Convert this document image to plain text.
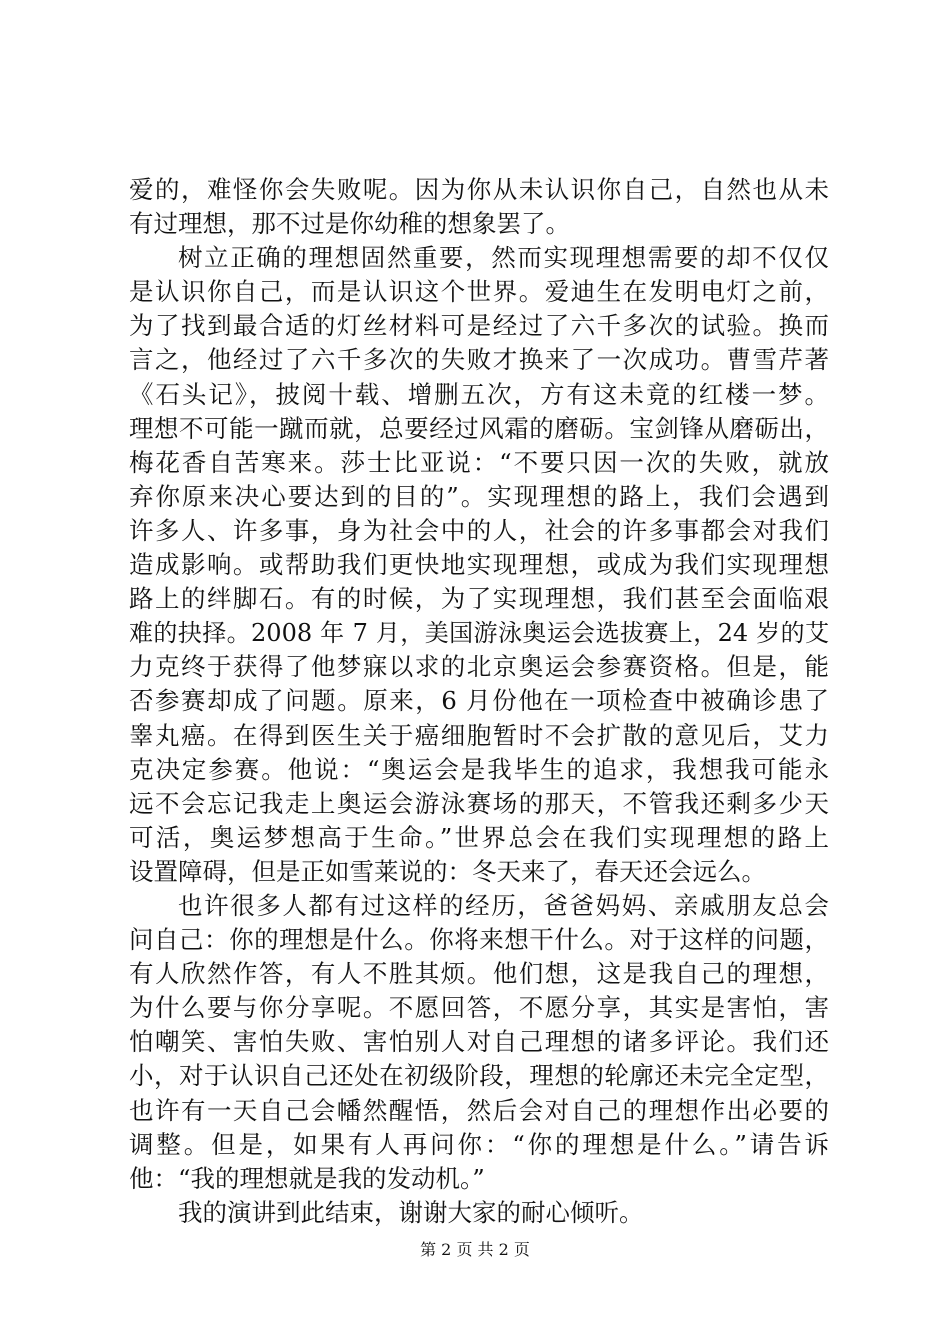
爱的，难怪你会失败呢。因为你从未认识你自己，自然也从未
有过理想，那不过是你幼稚的想象罢了。
树立正确的理想固然重要，然而实现理想需要的却不仅仅
是认识你自己，而是认识这个世界。爱迪生在发明电灯之前，
为了找到最合适的灯丝材料可是经过了六千多次的试验。换而
言之，他经过了六千多次的失败才换来了一次成功。曹雪芹著
《石头记》，披阅十载、增删五次，方有这未竟的红楼一梦。
理想不可能一蹴而就，总要经过风霜的磨砺。宝剑锋从磨砺出，
梅花香自苦寒来。莎士比亚说：“不要只因一次的失败，就放
弃你原来决心要达到的目的”。实现理想的路上，我们会遇到
许多人、许多事，身为社会中的人，社会的许多事都会对我们
造成影响。或帮助我们更快地实现理想，或成为我们实现理想
路上的绊脚石。有的时候，为了实现理想，我们甚至会面临艰
难的抉择。2008 年 7 月，美国游泳奥运会选拔赛上，24 岁的艾
力克终于获得了他梦寐以求的北京奥运会参赛资格。但是，能
否参赛却成了问题。原来，6 月份他在一项检查中被确诊患了
睾丸癌。在得到医生关于癌细胞暂时不会扩散的意见后，艾力
克决定参赛。他说：“奥运会是我毕生的追求，我想我可能永
远不会忘记我走上奥运会游泳赛场的那天，不管我还剩多少天
可活，奥运梦想高于生命。”世界总会在我们实现理想的路上
设置障碍，但是正如雪莱说的：冬天来了，春天还会远么。
也许很多人都有过这样的经历，爸爸妈妈、亲戚朋友总会
问自己：你的理想是什么。你将来想干什么。对于这样的问题，
有人欣然作答，有人不胜其烦。他们想，这是我自己的理想，
为什么要与你分享呢。不愿回答，不愿分享，其实是害怕，害
怕嘲笑、害怕失败、害怕别人对自己理想的诸多评论。我们还
小，对于认识自己还处在初级阶段，理想的轮廓还未完全定型，
也许有一天自己会幡然醒悟，然后会对自己的理想作出必要的
调整。但是，如果有人再问你：“你的理想是什么。”请告诉
他：“我的理想就是我的发动机。”
我的演讲到此结束，谢谢大家的耐心倾听。
第 2 页 共 2 页
